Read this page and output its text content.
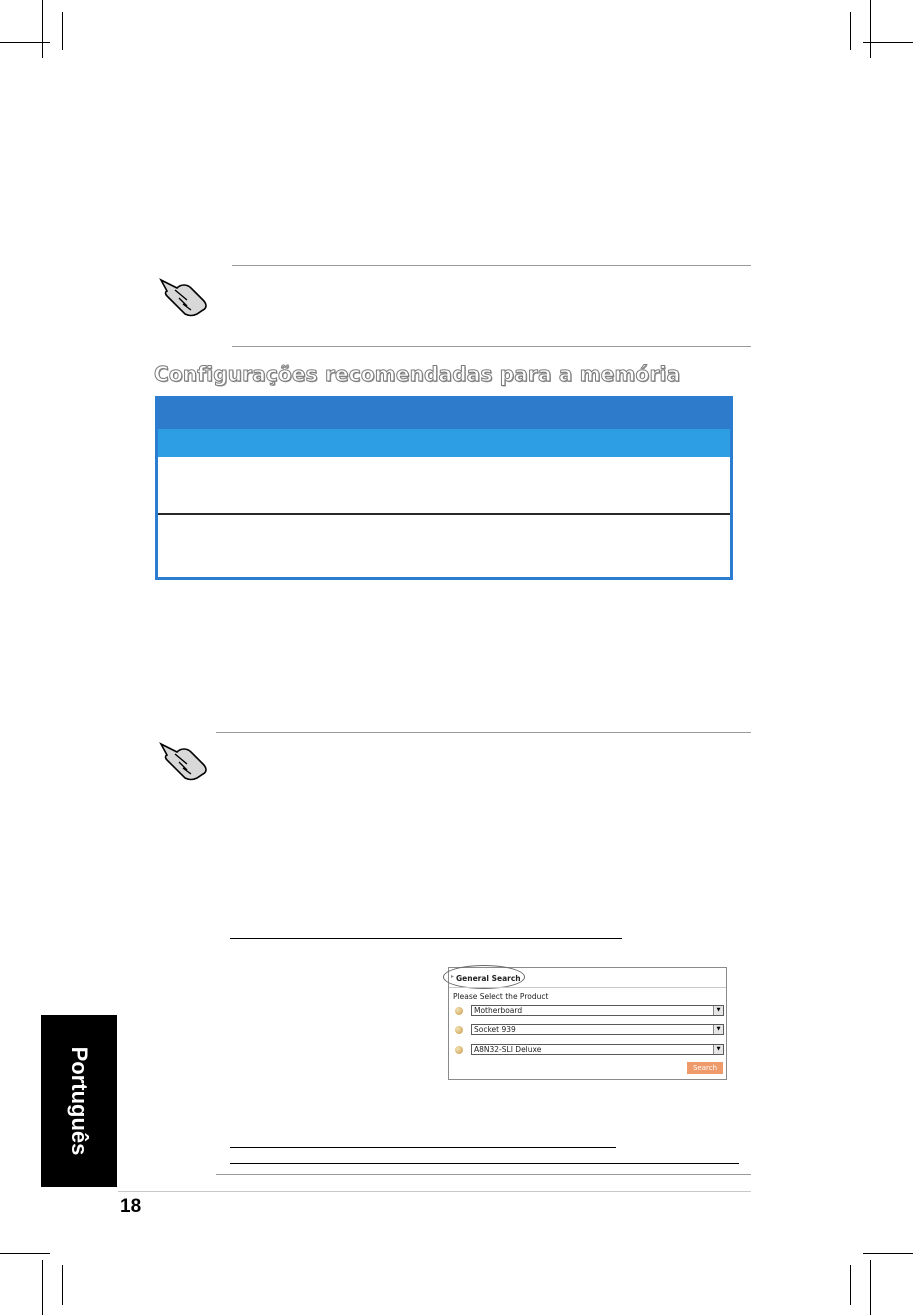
Configurações recomendadas para a memória
▸ General Search
Please Select the Product
Motherboard	▼
Socket 939	▼
A8N32-SLI Deluxe	▼
Search
Português
18
